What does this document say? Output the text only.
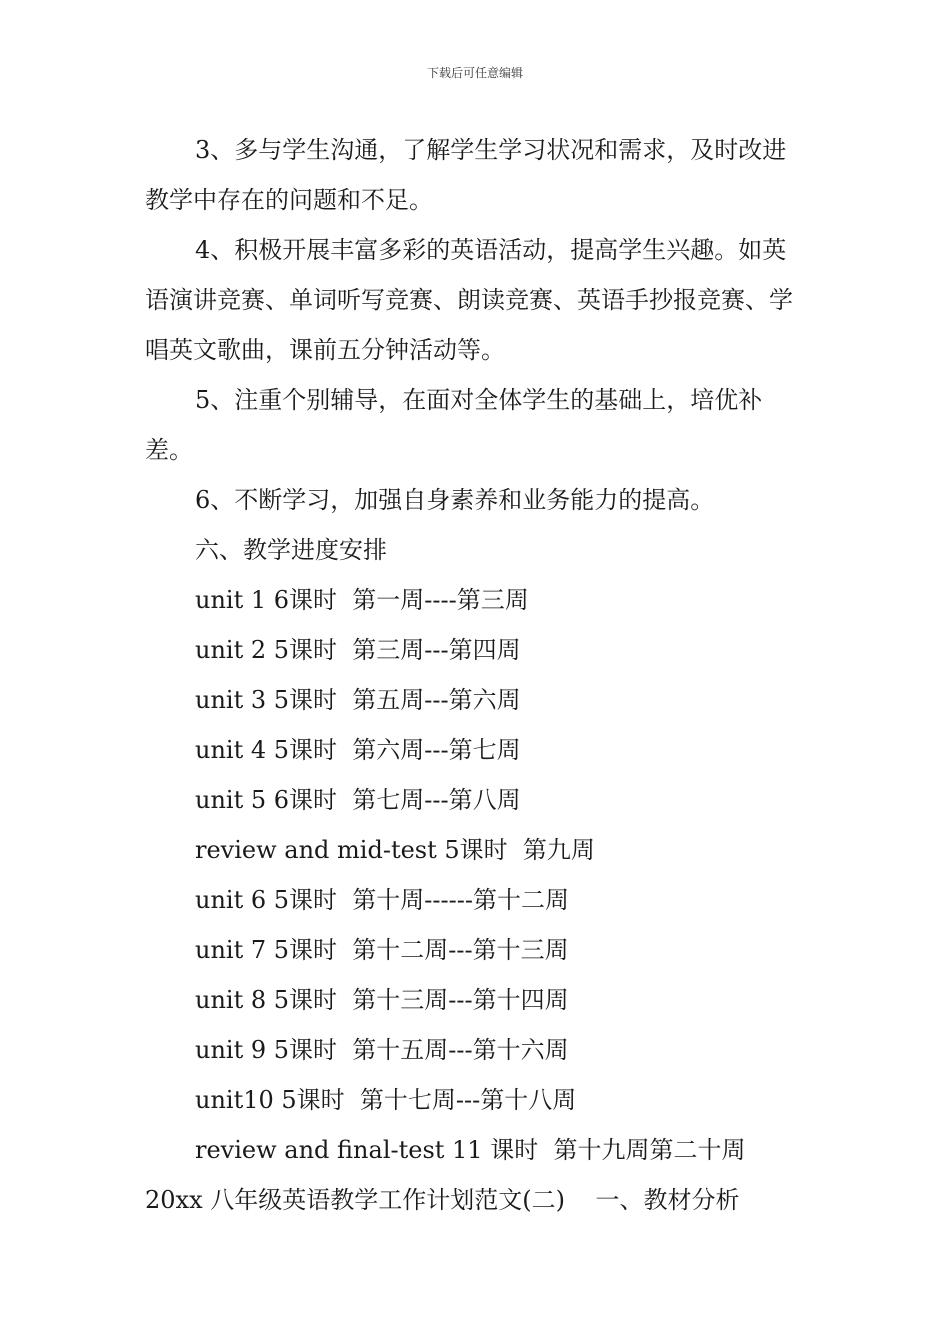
下载后可任意编辑

3、多与学生沟通，了解学生学习状况和需求，及时改进教学中存在的问题和不足。

4、积极开展丰富多彩的英语活动，提高学生兴趣。如英语演讲竞赛、单词听写竞赛、朗读竞赛、英语手抄报竞赛、学唱英文歌曲，课前五分钟活动等。

5、注重个别辅导，在面对全体学生的基础上，培优补差。

6、不断学习，加强自身素养和业务能力的提高。

六、教学进度安排

unit 1 6课时  第一周----第三周

unit 2 5课时  第三周---第四周

unit 3 5课时  第五周---第六周

unit 4 5课时  第六周---第七周

unit 5 6课时  第七周---第八周

review and mid-test 5课时  第九周

unit 6 5课时  第十周------第十二周

unit 7 5课时  第十二周---第十三周

unit 8 5课时  第十三周---第十四周

unit 9 5课时  第十五周---第十六周

unit10 5课时  第十七周---第十八周

review and final-test 11 课时  第十九周第二十周

20xx 八年级英语教学工作计划范文(二)    一、教材分析
